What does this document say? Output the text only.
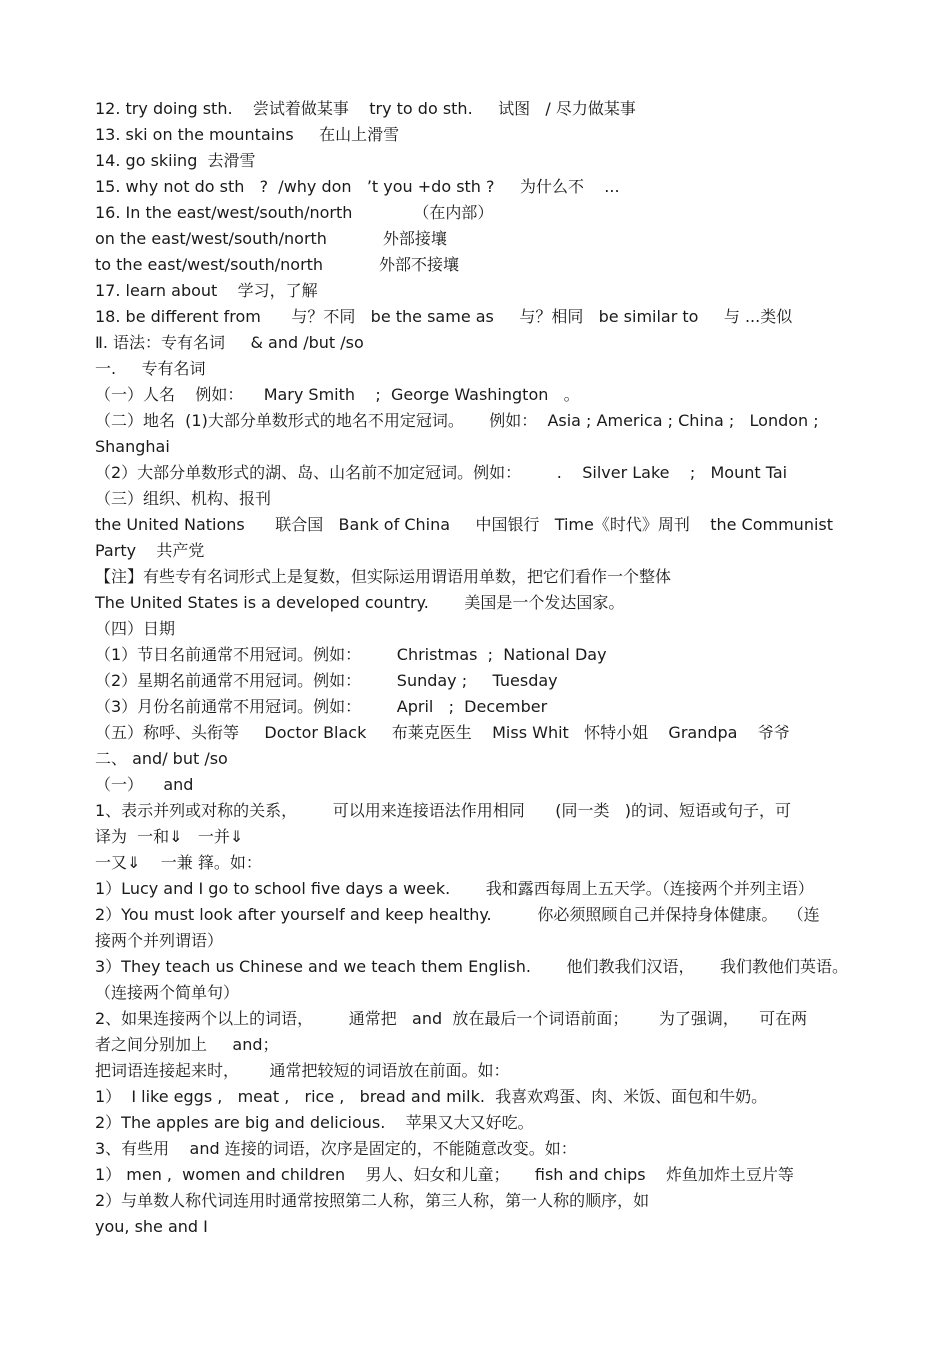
12. try doing sth.    尝试着做某事    try to do sth.     试图   / 尽力做某事
13. ski on the mountains     在山上滑雪
14. go skiing  去滑雪
15. why not do sth   ?  /why don   ’t you +do sth ?     为什么不    ...
16. In the east/west/south/north            （在内部）
on the east/west/south/north           外部接壤
to the east/west/south/north           外部不接壤
17. learn about    学习，了解
18. be different from      与？不同   be the same as     与？相同   be similar to     与 ...类似
Ⅱ. 语法：专有名词     & and /but /so
一.     专有名词
（一）人名    例如：    Mary Smith    ;  George Washington   。
（二）地名  (1)大部分单数形式的地名不用定冠词。     例如：  Asia ; America ; China ;   London ;
Shanghai
（2）大部分单数形式的湖、岛、山名前不加定冠词。例如：       .    Silver Lake    ;   Mount Tai
（三）组织、机构、报刊
the United Nations      联合国   Bank of China     中国银行   Time《时代》周刊    the Communist
Party    共产党
【注】有些专有名词形式上是复数，但实际运用谓语用单数，把它们看作一个整体
The United States is a developed country.       美国是一个发达国家。
（四）日期
（1）节日名前通常不用冠词。例如：       Christmas  ;  National Day
（2）星期名前通常不用冠词。例如：       Sunday ;     Tuesday
（3）月份名前通常不用冠词。例如：       April   ;  December
（五）称呼、头衔等     Doctor Black     布莱克医生    Miss Whit   怀特小姐    Grandpa    爷爷
二、 and/ but /so
（一）    and
1、表示并列或对称的关系，       可以用来连接语法作用相同      (同一类   )的词、短语或句子，可
译为  一和⇓   一并⇓
一又⇓    一兼 箨。如：
1）Lucy and I go to school five days a week.       我和露西每周上五天学。（连接两个并列主语）
2）You must look after yourself and keep healthy.         你必须照顾自己并保持身体健康。  （连
接两个并列谓语）
3）They teach us Chinese and we teach them English.       他们教我们汉语，     我们教他们英语。
（连接两个简单句）
2、如果连接两个以上的词语，       通常把   and  放在最后一个词语前面；      为了强调，    可在两
者之间分别加上     and；
把词语连接起来时，      通常把较短的词语放在前面。如：
1）  I like eggs ,   meat ,   rice ,   bread and milk.  我喜欢鸡蛋、肉、米饭、面包和牛奶。
2）The apples are big and delicious.    苹果又大又好吃。
3、有些用    and 连接的词语，次序是固定的，不能随意改变。如：
1） men ,  women and children    男人、妇女和儿童；     fish and chips    炸鱼加炸土豆片等
2）与单数人称代词连用时通常按照第二人称，第三人称，第一人称的顺序，如
you, she and I
